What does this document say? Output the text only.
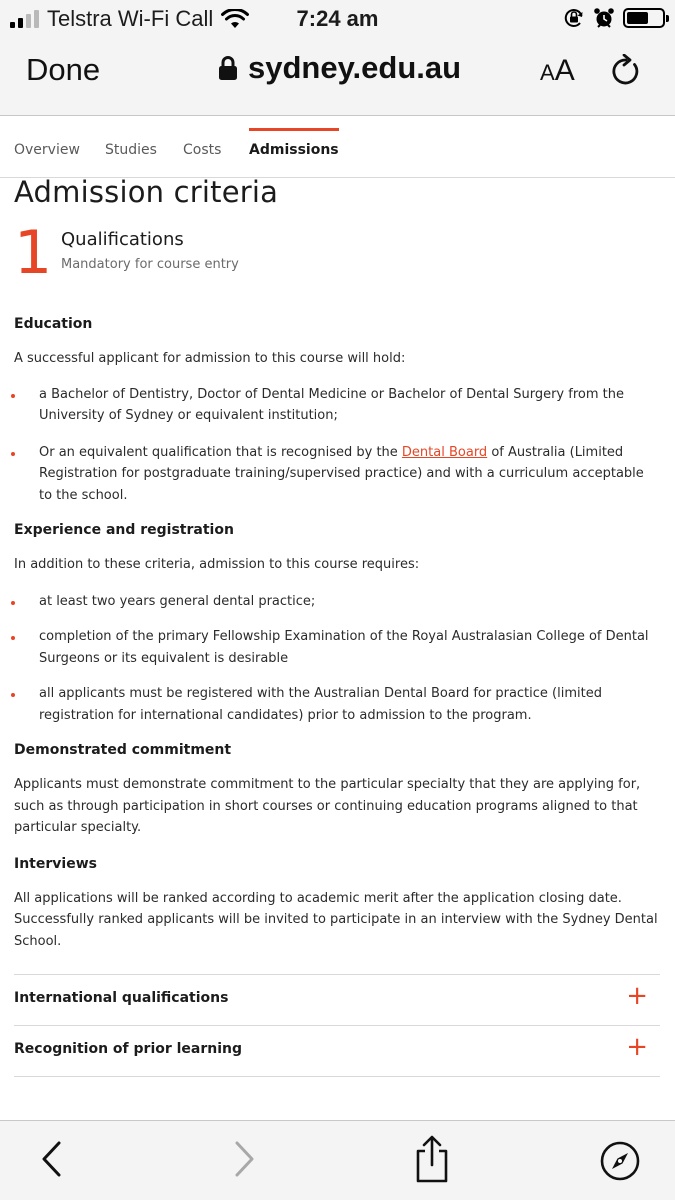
Telstra Wi-Fi Call	7:24 am
Done	sydney.edu.au	AA
Overview Studies Costs Admissions
Admission criteria
1 Qualifications
Mandatory for course entry
Education

A successful applicant for admission to this course will hold:

a Bachelor of Dentistry, Doctor of Dental Medicine or Bachelor of Dental Surgery from the University of Sydney or equivalent institution;
Or an equivalent qualification that is recognised by the Dental Board of Australia (Limited Registration for postgraduate training/supervised practice) and with a curriculum acceptable to the school.
Experience and registration

In addition to these criteria, admission to this course requires:

at least two years general dental practice;
completion of the primary Fellowship Examination of the Royal Australasian College of Dental Surgeons or its equivalent is desirable
all applicants must be registered with the Australian Dental Board for practice (limited registration for international candidates) prior to admission to the program.
Demonstrated commitment

Applicants must demonstrate commitment to the particular specialty that they are applying for, such as through participation in short courses or continuing education programs aligned to that particular specialty.

Interviews

All applications will be ranked according to academic merit after the application closing date. Successfully ranked applicants will be invited to participate in an interview with the Sydney Dental School.

International qualifications	+
Recognition of prior learning	+
